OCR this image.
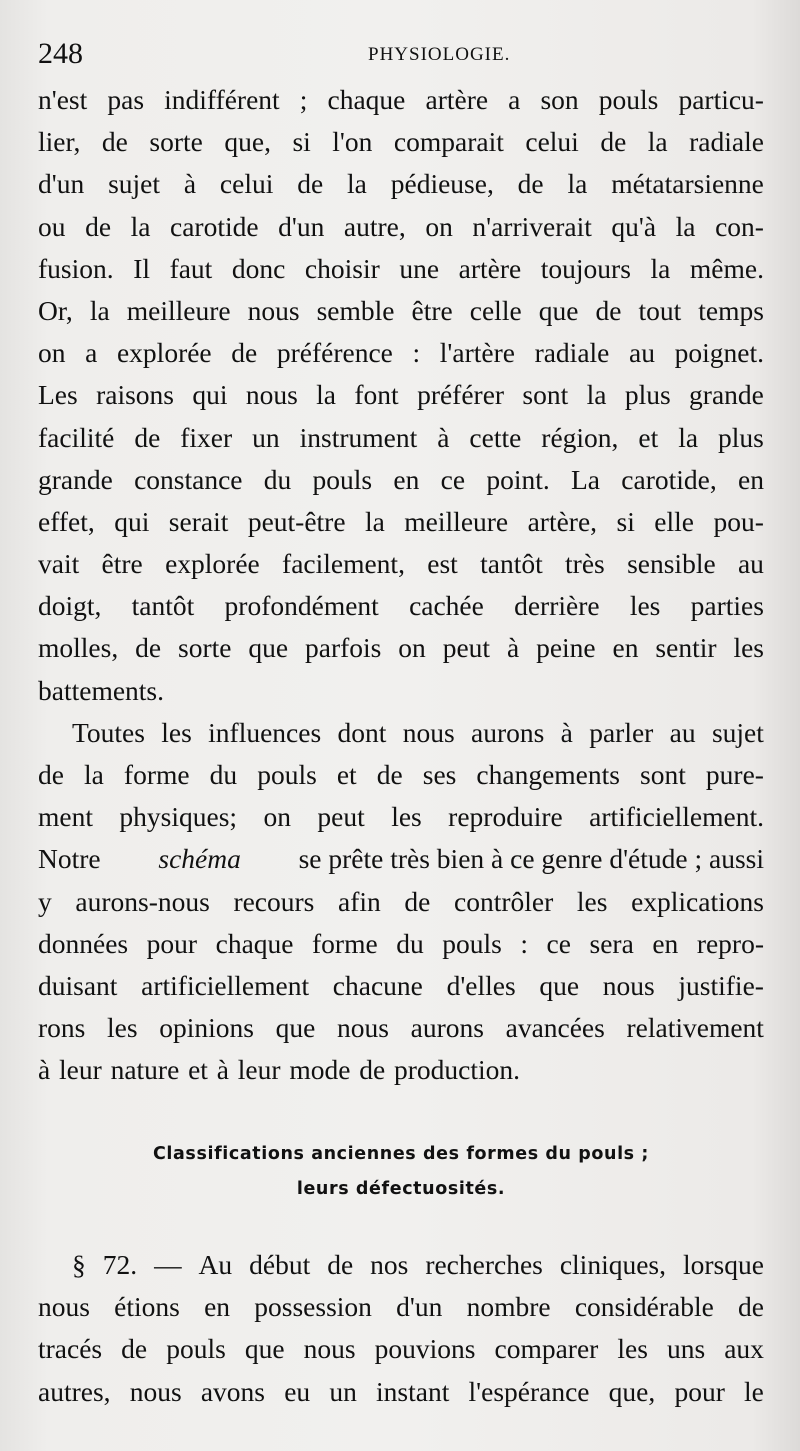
248	PHYSIOLOGIE.
n'est pas indifférent ; chaque artère a son pouls particu-
lier, de sorte que, si l'on comparait celui de la radiale
d'un sujet à celui de la pédieuse, de la métatarsienne
ou de la carotide d'un autre, on n'arriverait qu'à la con-
fusion. Il faut donc choisir une artère toujours la même.
Or, la meilleure nous semble être celle que de tout temps
on a explorée de préférence : l'artère radiale au poignet.
Les raisons qui nous la font préférer sont la plus grande
facilité de fixer un instrument à cette région, et la plus
grande constance du pouls en ce point. La carotide, en
effet, qui serait peut-être la meilleure artère, si elle pou-
vait être explorée facilement, est tantôt très sensible au
doigt, tantôt profondément cachée derrière les parties
molles, de sorte que parfois on peut à peine en sentir les
battements.
Toutes les influences dont nous aurons à parler au sujet
de la forme du pouls et de ses changements sont pure-
ment physiques; on peut les reproduire artificiellement.
Notre schéma se prête très bien à ce genre d'étude ; aussi
y aurons-nous recours afin de contrôler les explications
données pour chaque forme du pouls : ce sera en repro-
duisant artificiellement chacune d'elles que nous justifie-
rons les opinions que nous aurons avancées relativement
à leur nature et à leur mode de production.
Classifications anciennes des formes du pouls ;
leurs défectuosités.
§ 72. — Au début de nos recherches cliniques, lorsque
nous étions en possession d'un nombre considérable de
tracés de pouls que nous pouvions comparer les uns aux
autres, nous avons eu un instant l'espérance que, pour le
